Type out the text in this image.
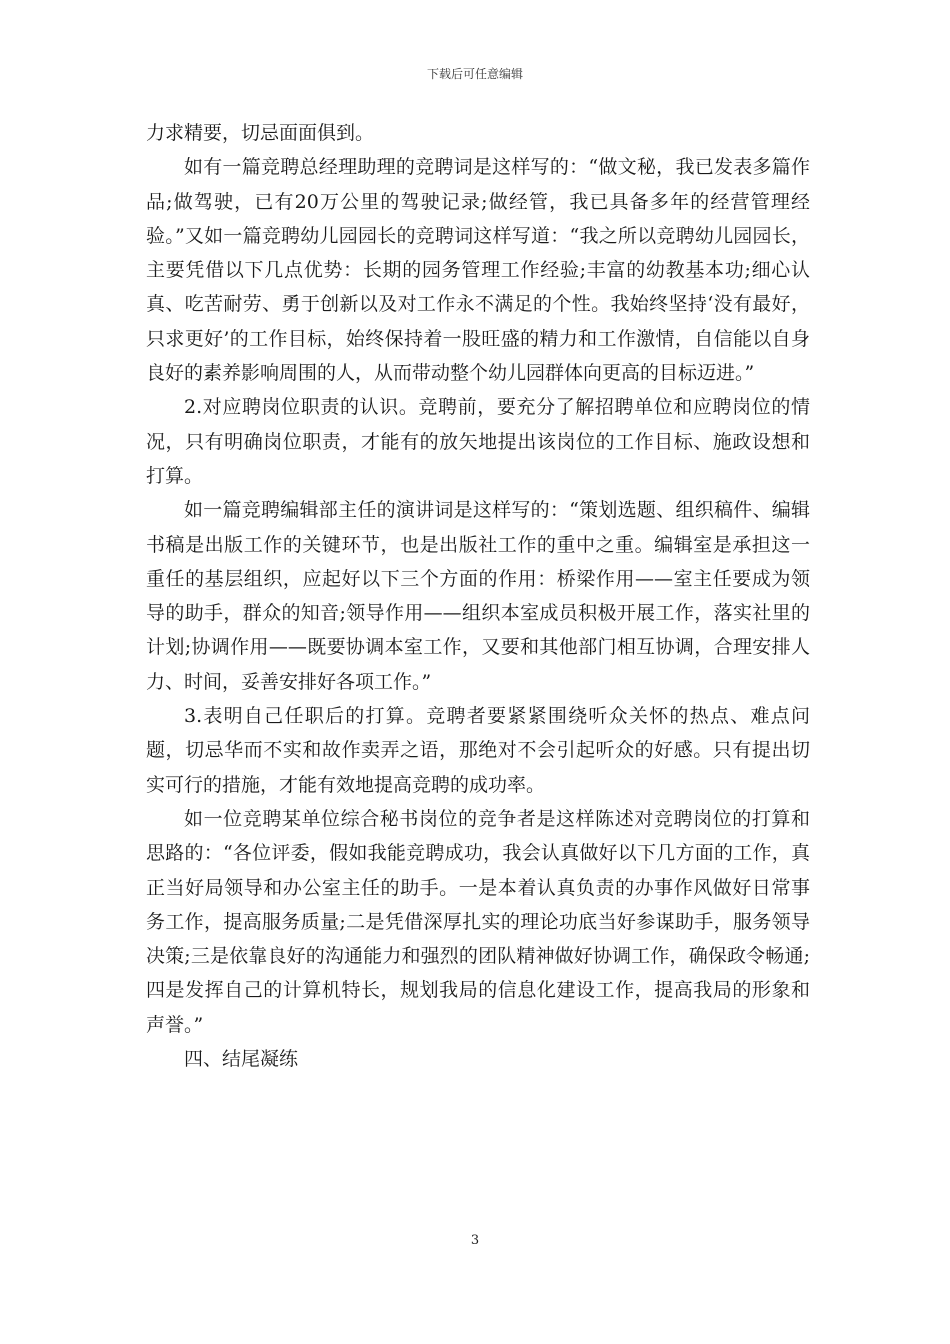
下载后可任意编辑

力求精要，切忌面面俱到。

如有一篇竞聘总经理助理的竞聘词是这样写的：“做文秘，我已发表多篇作品;做驾驶，已有20万公里的驾驶记录;做经管，我已具备多年的经营管理经验。”又如一篇竞聘幼儿园园长的竞聘词这样写道：“我之所以竞聘幼儿园园长，主要凭借以下几点优势：长期的园务管理工作经验;丰富的幼教基本功;细心认真、吃苦耐劳、勇于创新以及对工作永不满足的个性。我始终坚持‘没有最好，只求更好’的工作目标，始终保持着一股旺盛的精力和工作激情，自信能以自身良好的素养影响周围的人，从而带动整个幼儿园群体向更高的目标迈进。”

2.对应聘岗位职责的认识。竞聘前，要充分了解招聘单位和应聘岗位的情况，只有明确岗位职责，才能有的放矢地提出该岗位的工作目标、施政设想和打算。

如一篇竞聘编辑部主任的演讲词是这样写的：“策划选题、组织稿件、编辑书稿是出版工作的关键环节，也是出版社工作的重中之重。编辑室是承担这一重任的基层组织，应起好以下三个方面的作用：桥梁作用——室主任要成为领导的助手，群众的知音;领导作用——组织本室成员积极开展工作，落实社里的计划;协调作用——既要协调本室工作，又要和其他部门相互协调，合理安排人力、时间，妥善安排好各项工作。”

3.表明自己任职后的打算。竞聘者要紧紧围绕听众关怀的热点、难点问题，切忌华而不实和故作卖弄之语，那绝对不会引起听众的好感。只有提出切实可行的措施，才能有效地提高竞聘的成功率。

如一位竞聘某单位综合秘书岗位的竞争者是这样陈述对竞聘岗位的打算和思路的：“各位评委，假如我能竞聘成功，我会认真做好以下几方面的工作，真正当好局领导和办公室主任的助手。一是本着认真负责的办事作风做好日常事务工作，提高服务质量;二是凭借深厚扎实的理论功底当好参谋助手，服务领导决策;三是依靠良好的沟通能力和强烈的团队精神做好协调工作，确保政令畅通;四是发挥自己的计算机特长，规划我局的信息化建设工作，提高我局的形象和声誉。”

四、结尾凝练

3
